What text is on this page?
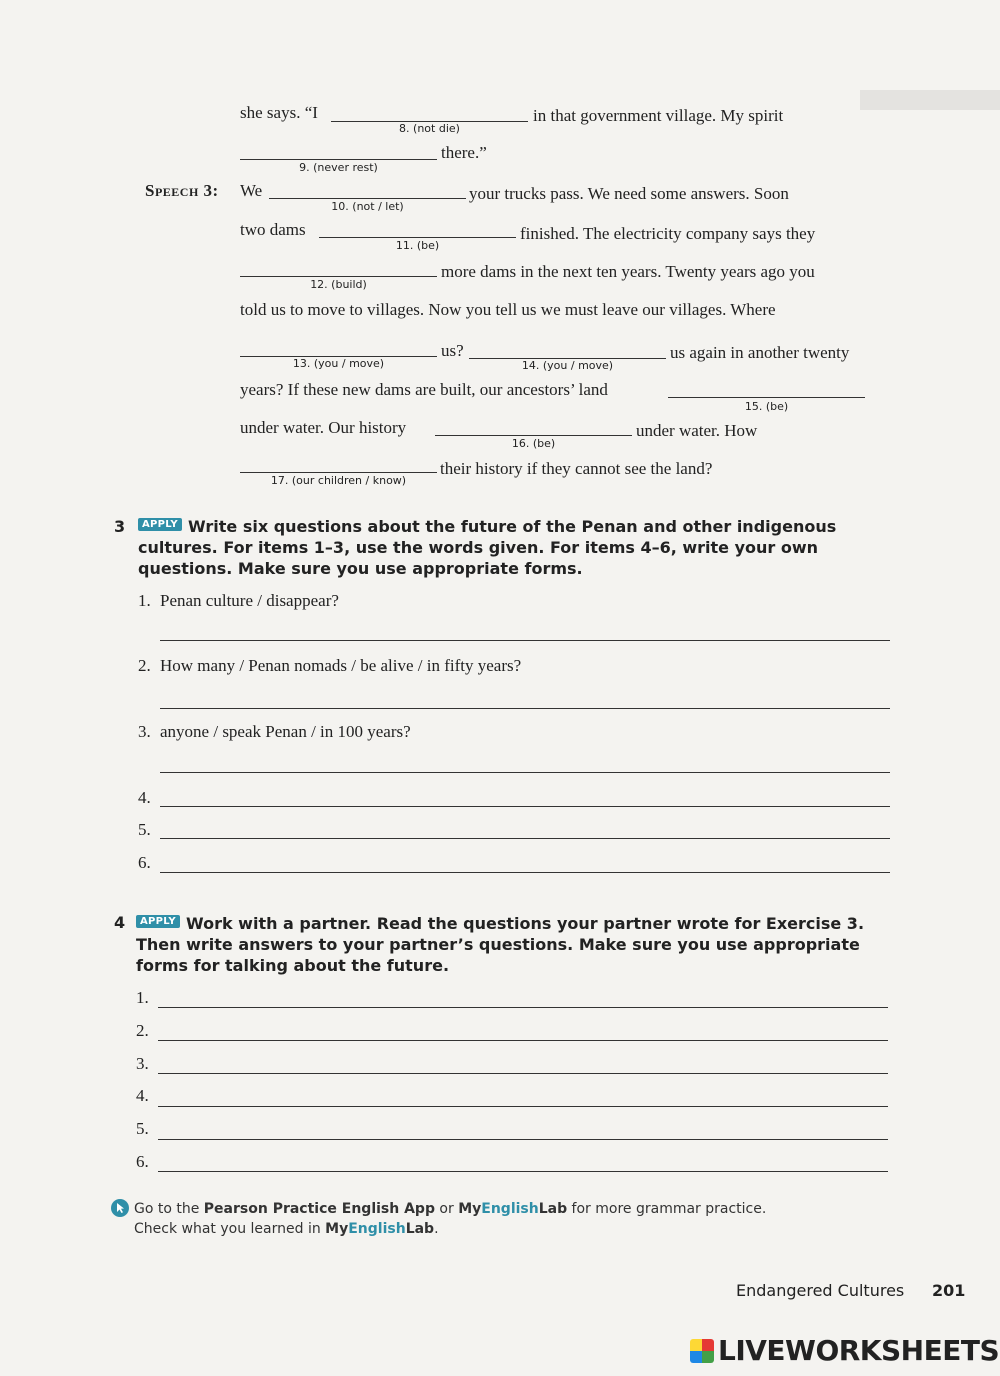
she says. “I
8. (not die)
in that government village. My spirit
9. (never rest)
there.”
Speech 3: We
10. (not / let)
your trucks pass. We need some answers. Soon
two dams
11. (be)
finished. The electricity company says they
12. (build)
more dams in the next ten years. Twenty years ago you
told us to move to villages. Now you tell us we must leave our villages. Where
13. (you / move)
us?
14. (you / move)
us again in another twenty
years? If these new dams are built, our ancestors’ land
15. (be)
under water. Our history
16. (be)
under water. How
17. (our children / know)
their history if they cannot see the land?
3	APPLY Write six questions about the future of the Penan and other indigenous cultures. For items 1–3, use the words given. For items 4–6, write your own questions. Make sure you use appropriate forms.
1. Penan culture / disappear?
2. How many / Penan nomads / be alive / in fifty years?
3. anyone / speak Penan / in 100 years?
4.
5.
6.
4	APPLY Work with a partner. Read the questions your partner wrote for Exercise 3. Then write answers to your partner’s questions. Make sure you use appropriate forms for talking about the future.
1.
2.
3.
4.
5.
6.
Go to the Pearson Practice English App or MyEnglishLab for more grammar practice.
Check what you learned in MyEnglishLab.
Endangered Cultures 201
LIVEWORKSHEETS
